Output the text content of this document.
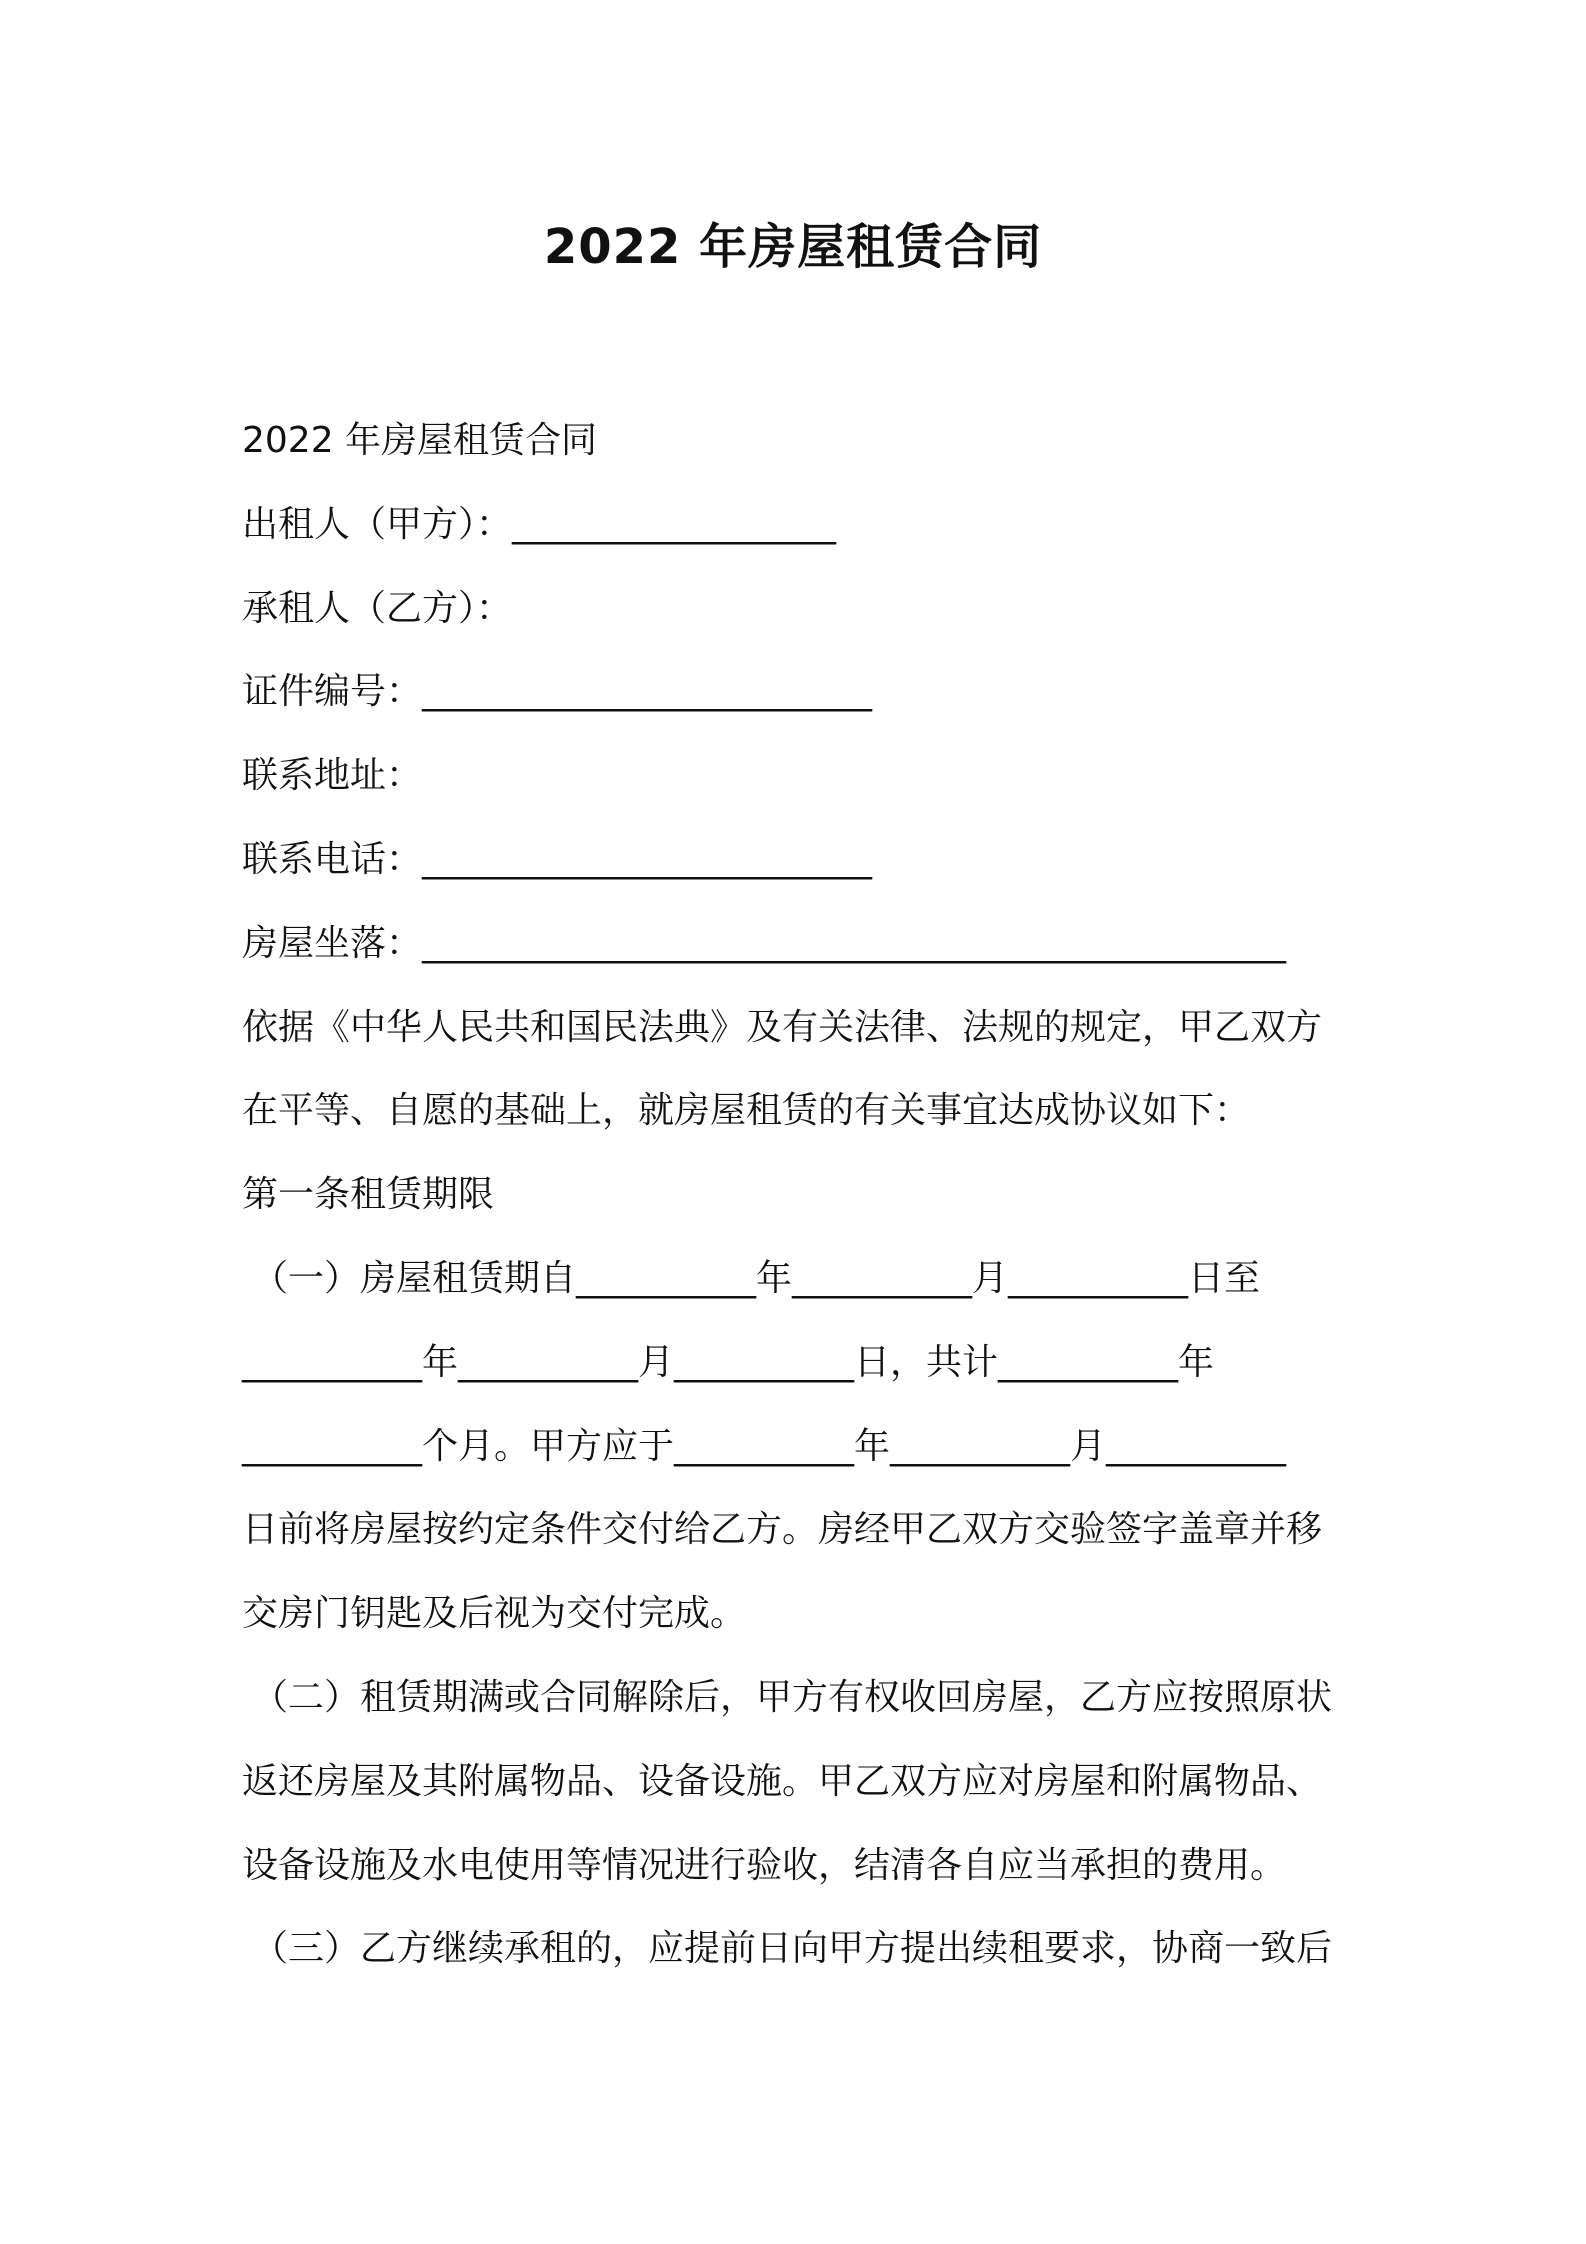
2022 年房屋租赁合同
2022 年房屋租赁合同
出租人（甲方）：__________________
承租人（乙方）：
证件编号：_________________________
联系地址：
联系电话：_________________________
房屋坐落：________________________________________________
依据《中华人民共和国民法典》及有关法律、法规的规定，甲乙双方
在平等、自愿的基础上，就房屋租赁的有关事宜达成协议如下：
第一条租赁期限
（一）房屋租赁期自__________年__________月__________日至
__________年__________月__________日，共计__________年
__________个月。甲方应于__________年__________月__________
日前将房屋按约定条件交付给乙方。房经甲乙双方交验签字盖章并移
交房门钥匙及后视为交付完成。
（二）租赁期满或合同解除后，甲方有权收回房屋，乙方应按照原状
返还房屋及其附属物品、设备设施。甲乙双方应对房屋和附属物品、
设备设施及水电使用等情况进行验收，结清各自应当承担的费用。
（三）乙方继续承租的，应提前日向甲方提出续租要求，协商一致后
